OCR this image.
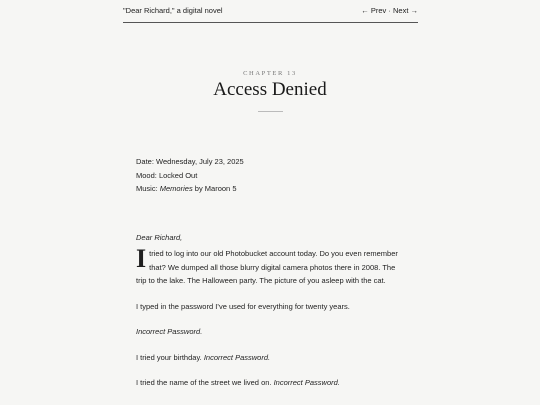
"Dear Richard," a digital novel	← Prev · Next →
CHAPTER 13
Access Denied

Date: Wednesday, July 23, 2025

Mood: Locked Out

Music: Memories by Maroon 5

Dear Richard,

Itried to log into our old Photobucket account today. Do you even remember that? We dumped all those blurry digital camera photos there in 2008. The trip to the lake. The Halloween party. The picture of you asleep with the cat.

I typed in the password I’ve used for everything for twenty years.

Incorrect Password.

I tried your birthday. Incorrect Password.

I tried the name of the street we lived on. Incorrect Password.
